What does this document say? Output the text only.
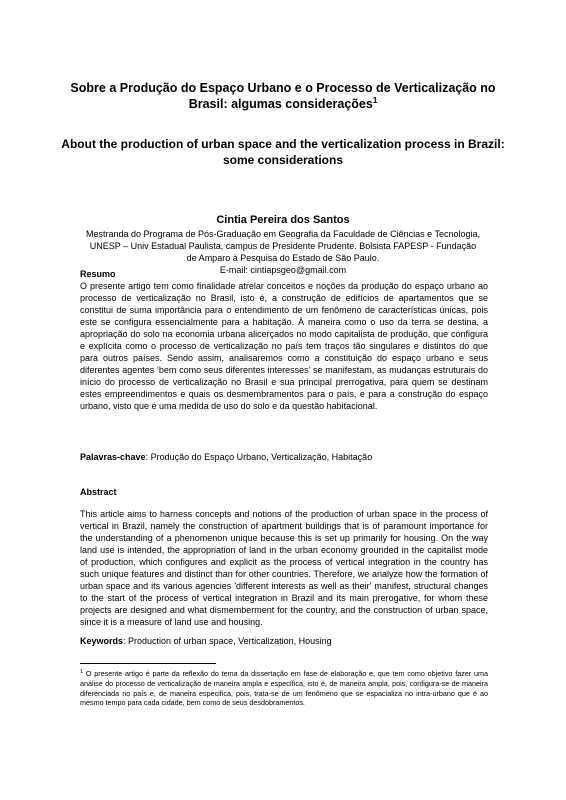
Sobre a Produção do Espaço Urbano e o Processo de Verticalização no Brasil: algumas considerações$^1$
About the production of urban space and the verticalization process in Brazil: some considerations
Cintia Pereira dos Santos
Mestranda do Programa de Pós-Graduação em Geografia da Faculdade de Ciências e Tecnologia,
UNESP – Univ Estadual Paulista, campus de Presidente Prudente. Bolsista FAPESP - Fundação
de Amparo à Pesquisa do Estado de São Paulo.
E-mail: cintiapsgeo@gmail.com
Resumo
O presente artigo tem como finalidade atrelar conceitos e noções da produção do espaço urbano ao processo de verticalização no Brasil, isto é, a construção de edifícios de apartamentos que se constitui de suma importância para o entendimento de um fenômeno de características únicas, pois este se configura essencialmente para a habitação. À maneira como o uso da terra se destina, a apropriação do solo na economia urbana alicerçados no modo capitalista de produção, que configura e explícita como o processo de verticalização no país tem traços tão singulares e distintos do que para outros países. Sendo assim, analisaremos como a constituição do espaço urbano e seus diferentes agentes ‘bem como seus diferentes interesses’ se manifestam, as mudanças estruturais do início do processo de verticalização no Brasil e sua principal prerrogativa, para quem se destinam estes empreendimentos e quais os desmembramentos para o país, e para a construção do espaço urbano, visto que é uma medida de uso do solo e da questão habitacional.
Palavras-chave: Produção do Espaço Urbano, Verticalização, Habitação
Abstract
This article aims to harness concepts and notions of the production of urban space in the process of vertical in Brazil, namely the construction of apartment buildings that is of paramount importance for the understanding of a phenomenon unique because this is set up primarily for housing. On the way land use is intended, the appropriation of land in the urban economy grounded in the capitalist mode of production, which configures and explicit as the process of vertical integration in the country has such unique features and distinct than for other countries. Therefore, we analyze how the formation of urban space and its various agencies 'different interests as well as their' manifest, structural changes to the start of the process of vertical integration in Brazil and its main prerogative, for whom these projects are designed and what dismemberment for the country, and the construction of urban space, since it is a measure of land use and housing.
Keywords: Production of urban space, Verticalization, Housing
$^1$ O presente artigo é parte da reflexão do tema da dissertação em fase de elaboração e, que tem como objetivo fazer uma análise do processo de verticalização de maneira ampla e específica, isto é, de maneira ampla, pois, configura-se de maneira diferenciada no país e, de maneira especifica, pois, trata-se de um fenômeno que se espacializa no intra-urbano que é ao mesmo tempo para cada cidade, bem como de seus desdobramentos.
